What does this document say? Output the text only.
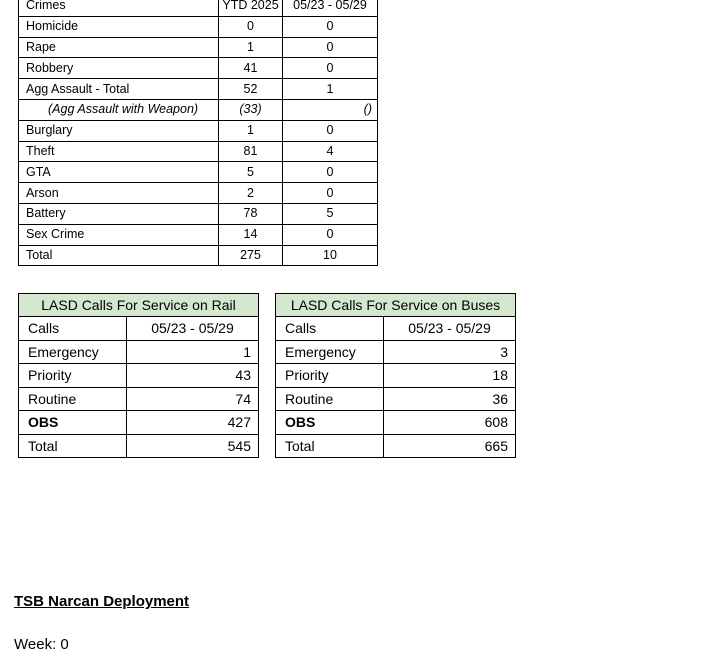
Crimes	YTD 2025	05/23 - 05/29
Homicide	0	0
Rape	1	0
Robbery	41	0
Agg Assault - Total	52	1
(Agg Assault with Weapon)	(33)	()
Burglary	1	0
Theft	81	4
GTA	5	0
Arson	2	0
Battery	78	5
Sex Crime	14	0
Total	275	10
LASD Calls For Service on Rail	
Calls	05/23 - 05/29
Emergency	1
Priority	43
Routine	74
OBS	427
Total	545
LASD Calls For Service on Buses	
Calls	05/23 - 05/29
Emergency	3
Priority	18
Routine	36
OBS	608
Total	665

TSB Narcan Deployment

Week: 0
